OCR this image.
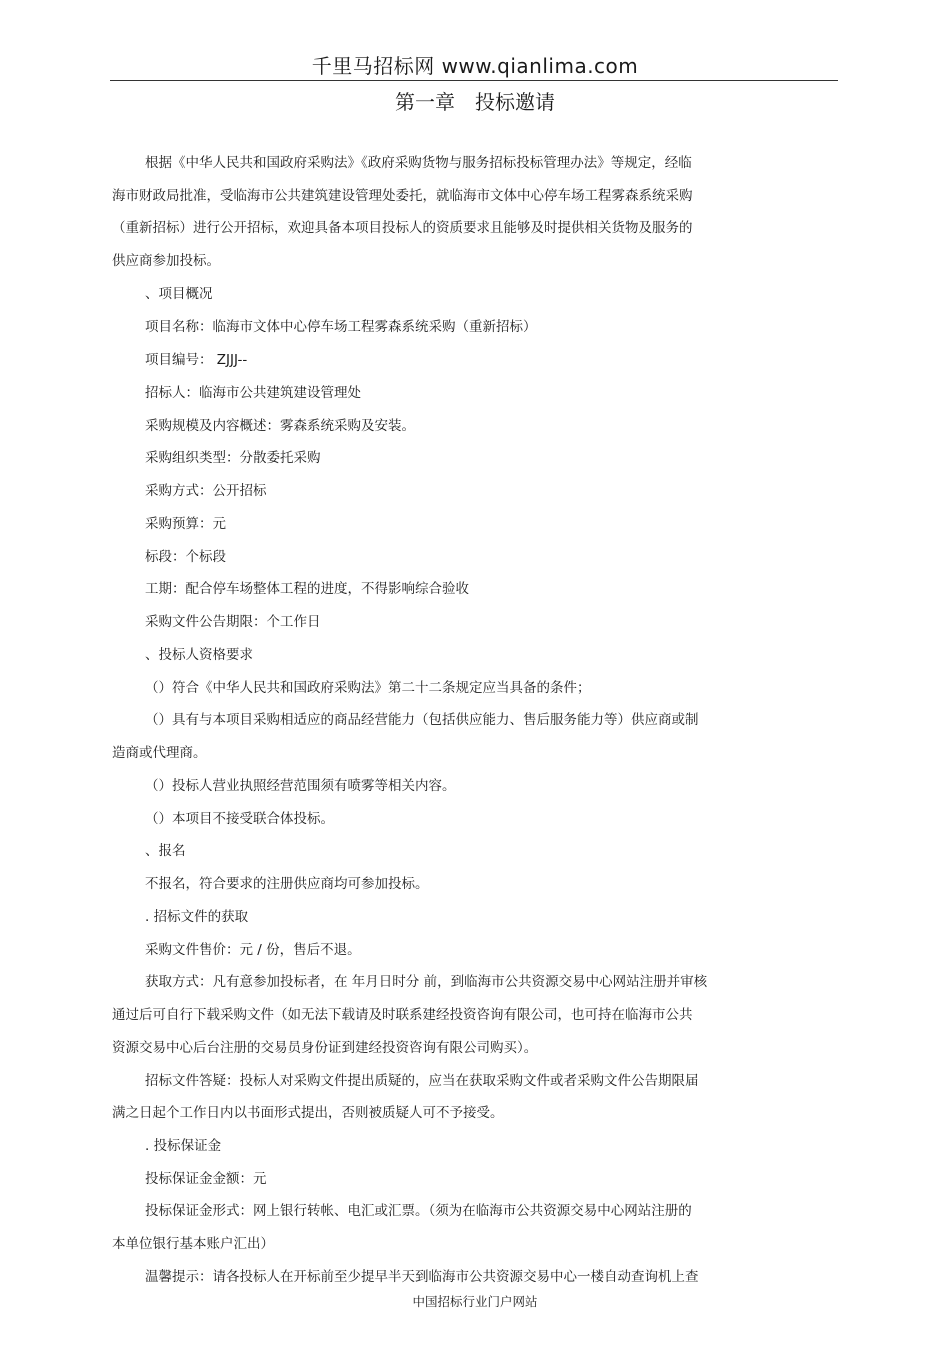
千里马招标网 www.qianlima.com
第一章 投标邀请
根据《中华人民共和国政府采购法》《政府采购货物与服务招标投标管理办法》等规定，经临
海市财政局批准，受临海市公共建筑建设管理处委托，就临海市文体中心停车场工程雾森系统采购
（重新招标）进行公开招标，欢迎具备本项目投标人的资质要求且能够及时提供相关货物及服务的
供应商参加投标。
、项目概况
项目名称：临海市文体中心停车场工程雾森系统采购（重新招标）
项目编号： ZJJJ--
招标人：临海市公共建筑建设管理处
采购规模及内容概述：雾森系统采购及安装。
采购组织类型：分散委托采购
采购方式：公开招标
采购预算：元
标段：个标段
工期：配合停车场整体工程的进度，不得影响综合验收
采购文件公告期限：个工作日
、投标人资格要求
（）符合《中华人民共和国政府采购法》第二十二条规定应当具备的条件；
（）具有与本项目采购相适应的商品经营能力（包括供应能力、售后服务能力等）供应商或制
造商或代理商。
（）投标人营业执照经营范围须有喷雾等相关内容。
（）本项目不接受联合体投标。
、报名
不报名，符合要求的注册供应商均可参加投标。
. 招标文件的获取
采购文件售价：元 / 份，售后不退。
获取方式：凡有意参加投标者，在 年月日时分 前，到临海市公共资源交易中心网站注册并审核
通过后可自行下载采购文件（如无法下载请及时联系建经投资咨询有限公司，也可持在临海市公共
资源交易中心后台注册的交易员身份证到建经投资咨询有限公司购买）。
招标文件答疑：投标人对采购文件提出质疑的，应当在获取采购文件或者采购文件公告期限届
满之日起个工作日内以书面形式提出，否则被质疑人可不予接受。
. 投标保证金
投标保证金金额：元
投标保证金形式：网上银行转帐、电汇或汇票。（须为在临海市公共资源交易中心网站注册的
本单位银行基本账户汇出）
温馨提示：请各投标人在开标前至少提早半天到临海市公共资源交易中心一楼自动查询机上查
中国招标行业门户网站
